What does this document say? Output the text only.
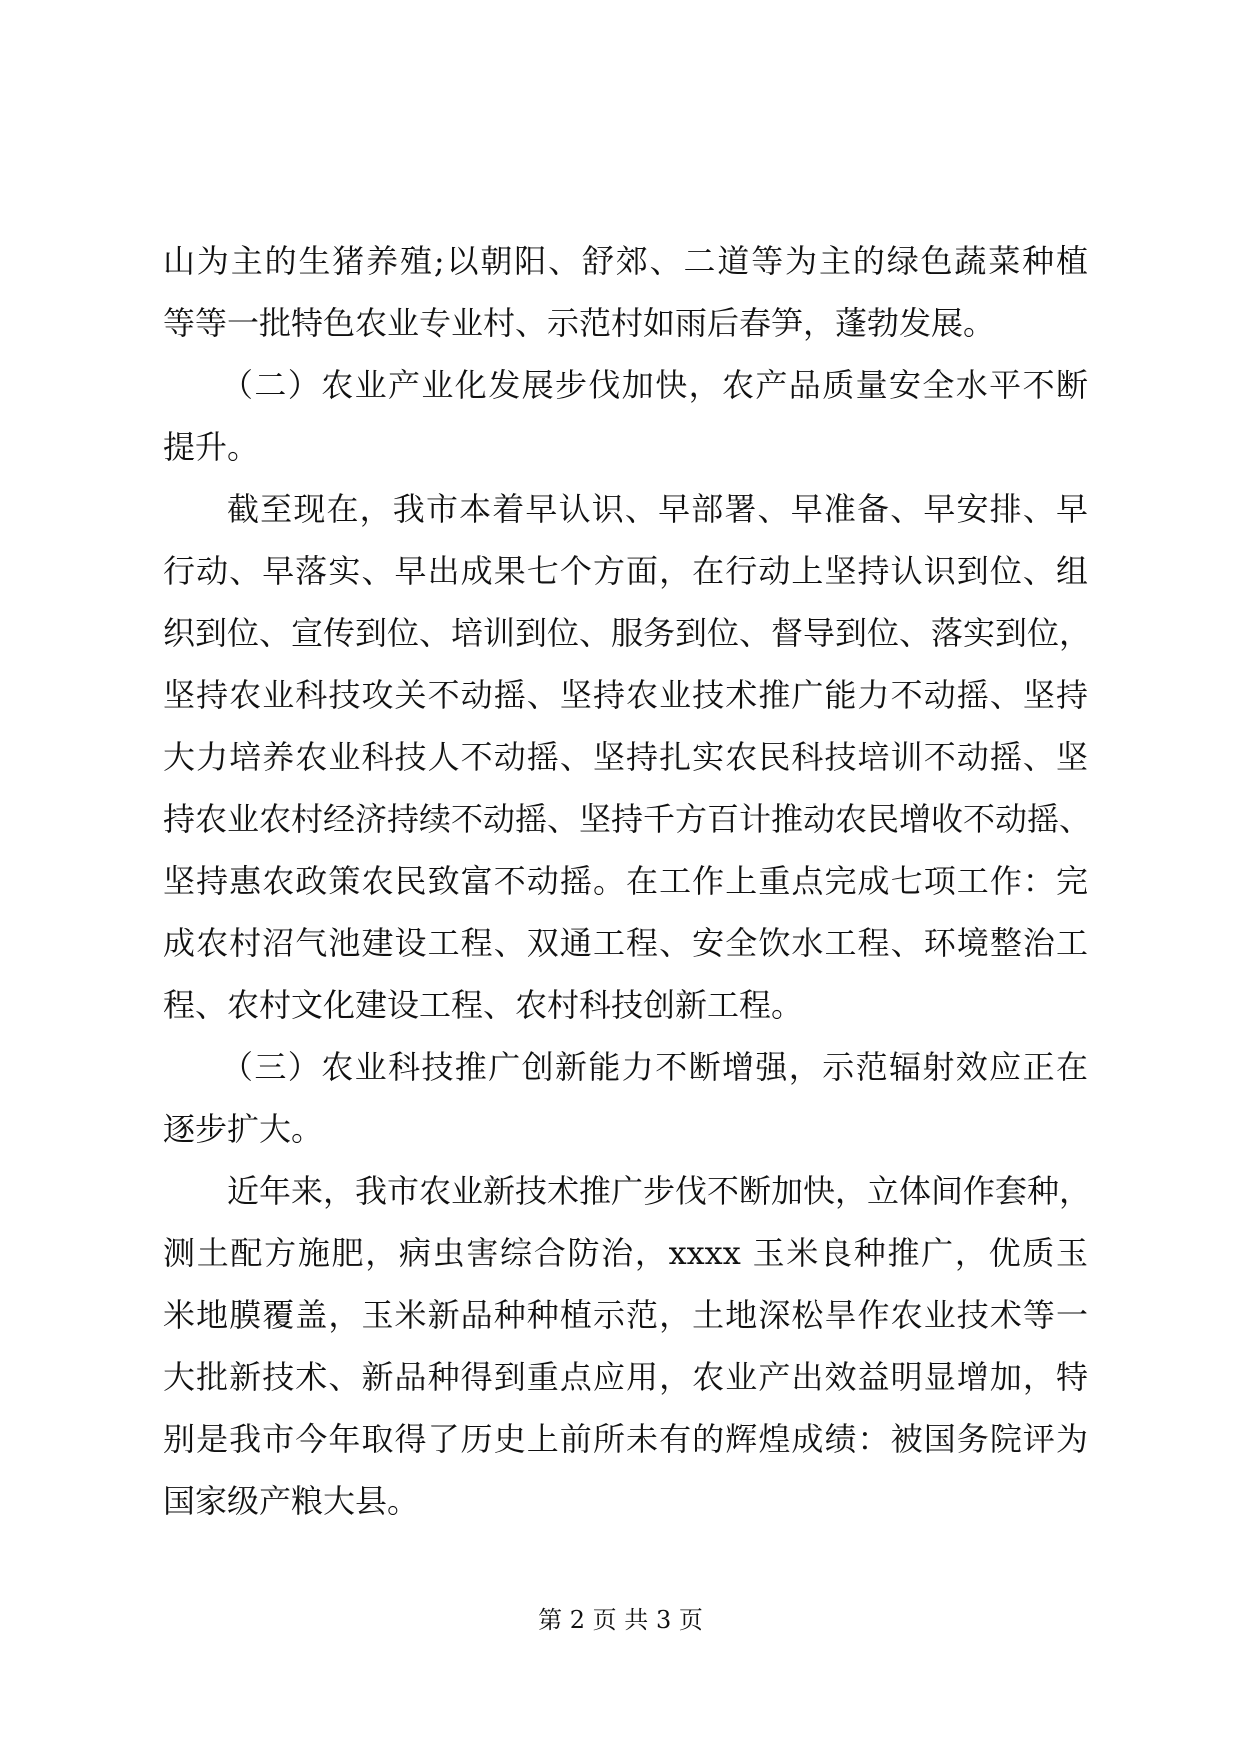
山为主的生猪养殖;以朝阳、舒郊、二道等为主的绿色蔬菜种植
等等一批特色农业专业村、示范村如雨后春笋，蓬勃发展。
（二）农业产业化发展步伐加快，农产品质量安全水平不断
提升。
截至现在，我市本着早认识、早部署、早准备、早安排、早
行动、早落实、早出成果七个方面，在行动上坚持认识到位、组
织到位、宣传到位、培训到位、服务到位、督导到位、落实到位，
坚持农业科技攻关不动摇、坚持农业技术推广能力不动摇、坚持
大力培养农业科技人不动摇、坚持扎实农民科技培训不动摇、坚
持农业农村经济持续不动摇、坚持千方百计推动农民增收不动摇、
坚持惠农政策农民致富不动摇。在工作上重点完成七项工作：完
成农村沼气池建设工程、双通工程、安全饮水工程、环境整治工
程、农村文化建设工程、农村科技创新工程。
（三）农业科技推广创新能力不断增强，示范辐射效应正在
逐步扩大。
近年来，我市农业新技术推广步伐不断加快，立体间作套种，
测土配方施肥，病虫害综合防治，xxxx 玉米良种推广，优质玉
米地膜覆盖，玉米新品种种植示范，土地深松旱作农业技术等一
大批新技术、新品种得到重点应用，农业产出效益明显增加，特
别是我市今年取得了历史上前所未有的辉煌成绩：被国务院评为
国家级产粮大县。
第 2 页 共 3 页
